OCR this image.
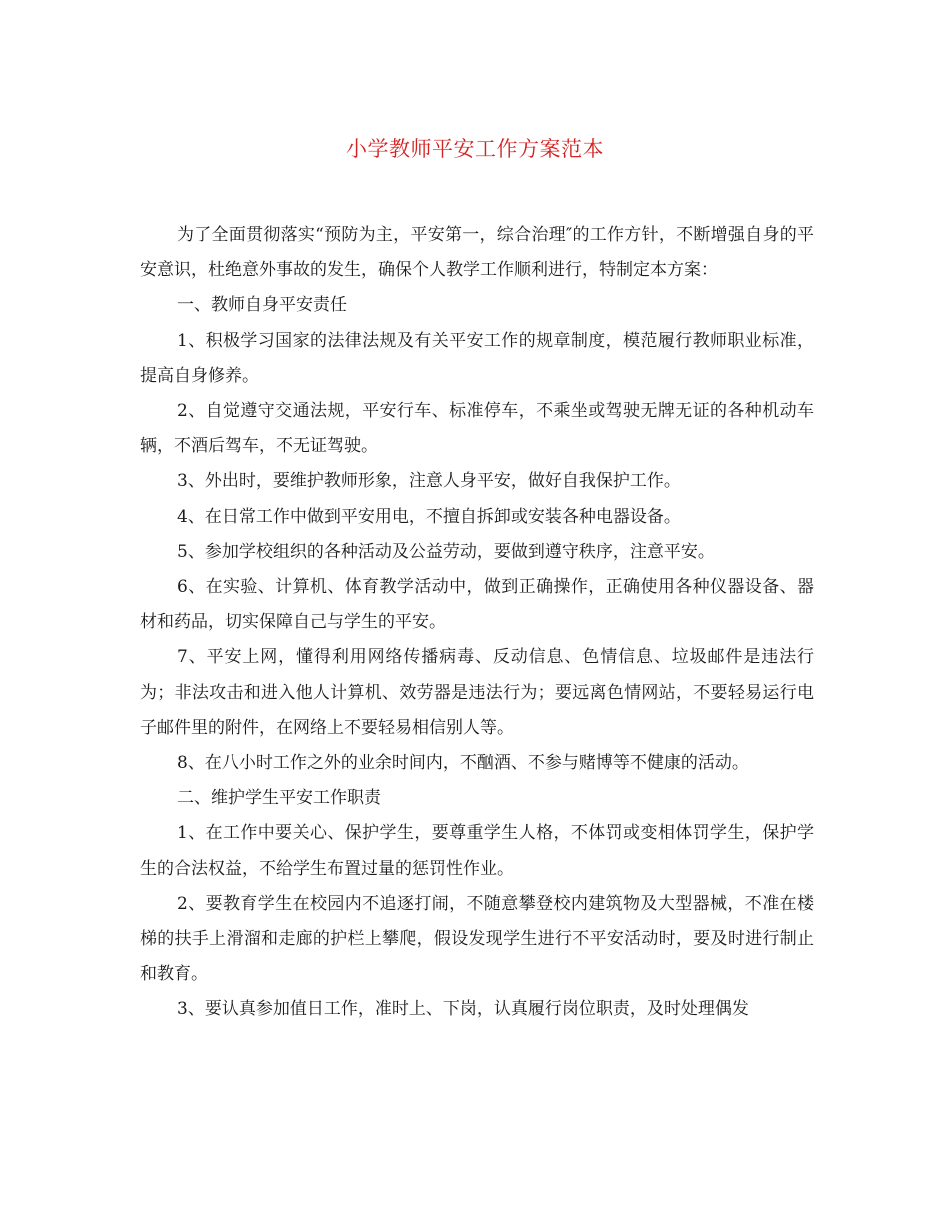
小学教师平安工作方案范本

为了全面贯彻落实“预防为主，平安第一，综合治理″的工作方针，不断增强自身的平安意识，杜绝意外事故的发生，确保个人教学工作顺利进行，特制定本方案：

一、教师自身平安责任

1、积极学习国家的法律法规及有关平安工作的规章制度，模范履行教师职业标准，提高自身修养。

2、自觉遵守交通法规，平安行车、标准停车，不乘坐或驾驶无牌无证的各种机动车辆，不酒后驾车，不无证驾驶。

3、外出时，要维护教师形象，注意人身平安，做好自我保护工作。

4、在日常工作中做到平安用电，不擅自拆卸或安装各种电器设备。

5、参加学校组织的各种活动及公益劳动，要做到遵守秩序，注意平安。

6、在实验、计算机、体育教学活动中，做到正确操作，正确使用各种仪器设备、器材和药品，切实保障自己与学生的平安。

7、平安上网，懂得利用网络传播病毒、反动信息、色情信息、垃圾邮件是违法行为；非法攻击和进入他人计算机、效劳器是违法行为；要远离色情网站，不要轻易运行电子邮件里的附件，在网络上不要轻易相信别人等。

8、在八小时工作之外的业余时间内，不酗酒、不参与赌博等不健康的活动。

二、维护学生平安工作职责

1、在工作中要关心、保护学生，要尊重学生人格，不体罚或变相体罚学生，保护学生的合法权益，不给学生布置过量的惩罚性作业。

2、要教育学生在校园内不追逐打闹，不随意攀登校内建筑物及大型器械，不准在楼梯的扶手上滑溜和走廊的护栏上攀爬，假设发现学生进行不平安活动时，要及时进行制止和教育。

3、要认真参加值日工作，准时上、下岗，认真履行岗位职责，及时处理偶发
